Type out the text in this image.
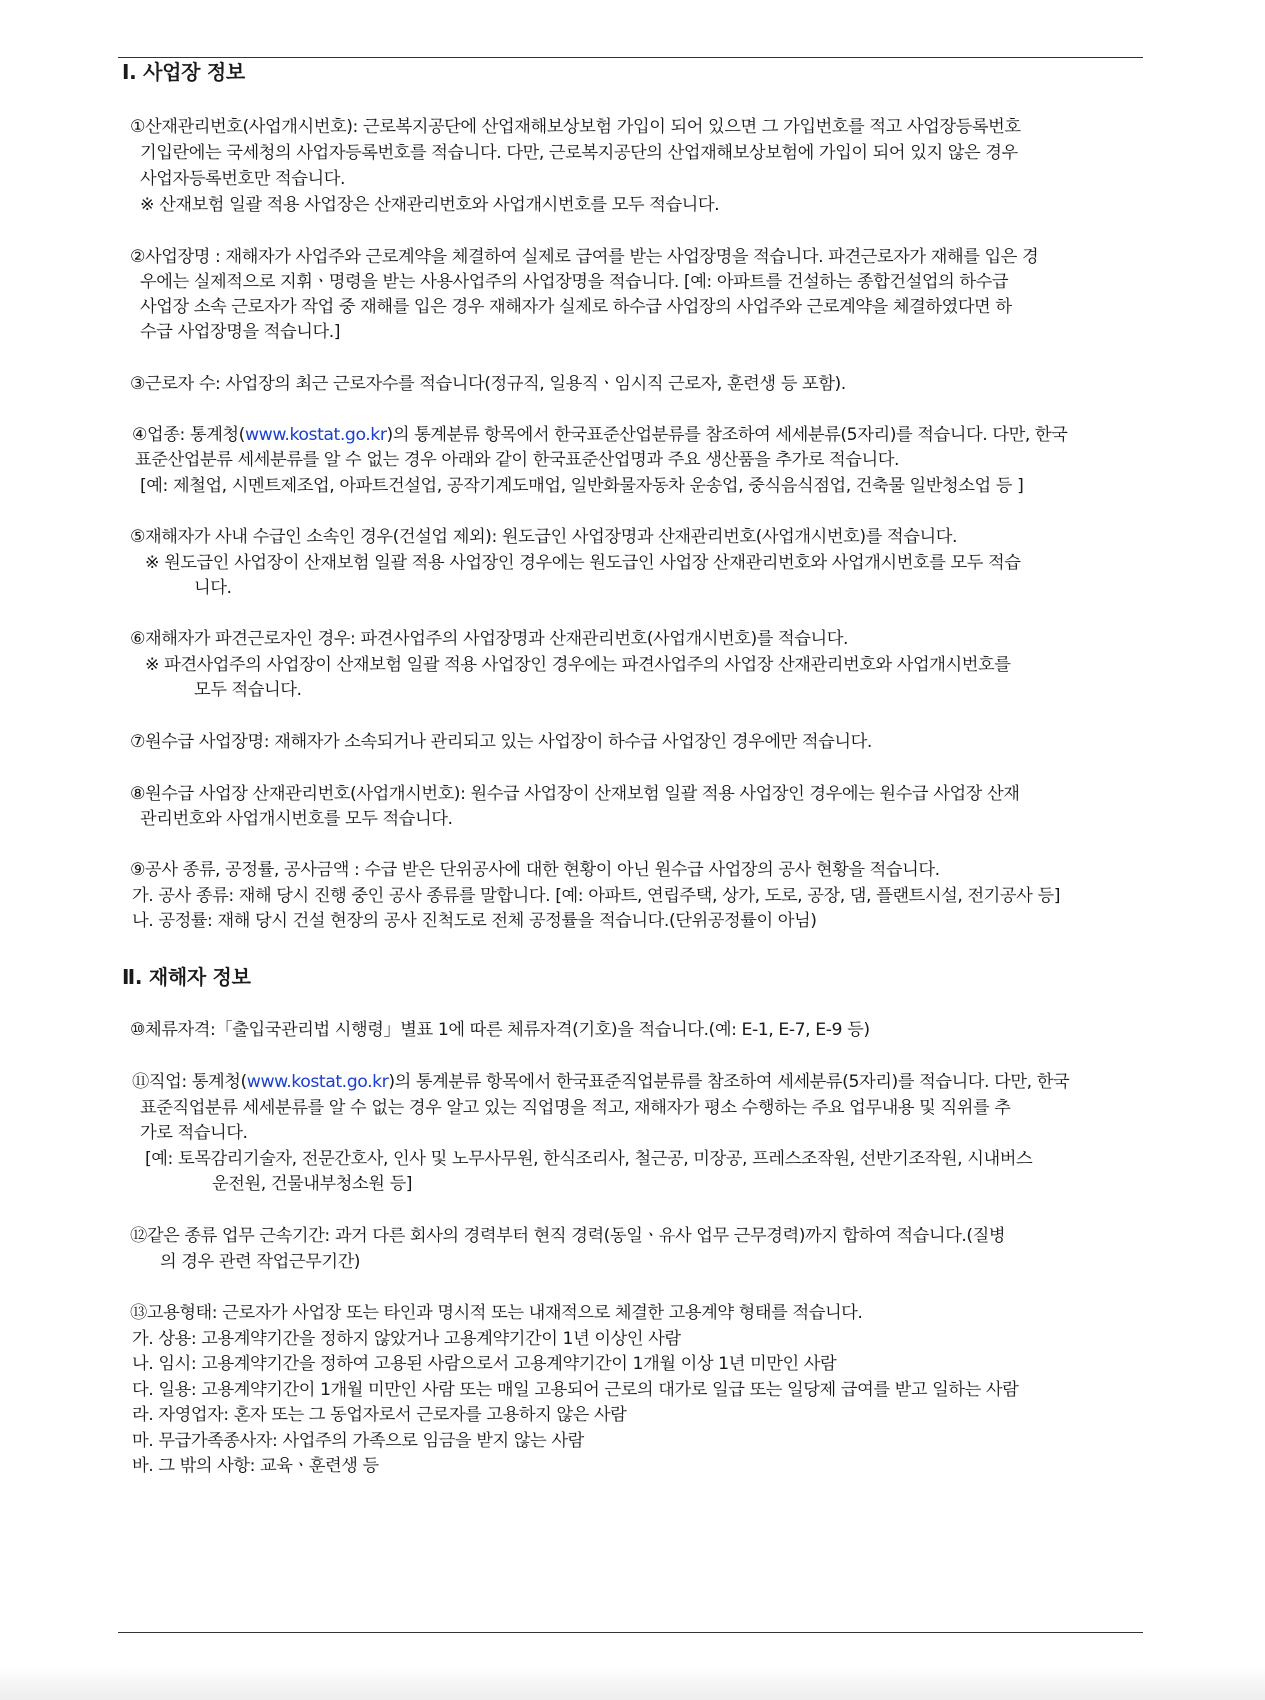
Ⅰ. 사업장 정보
①산재관리번호(사업개시번호): 근로복지공단에 산업재해보상보험 가입이 되어 있으면 그 가입번호를 적고 사업장등록번호
기입란에는 국세청의 사업자등록번호를 적습니다. 다만, 근로복지공단의 산업재해보상보험에 가입이 되어 있지 않은 경우
사업자등록번호만 적습니다.
※ 산재보험 일괄 적용 사업장은 산재관리번호와 사업개시번호를 모두 적습니다.
②사업장명 : 재해자가 사업주와 근로계약을 체결하여 실제로 급여를 받는 사업장명을 적습니다. 파견근로자가 재해를 입은 경
우에는 실제적으로 지휘ㆍ명령을 받는 사용사업주의 사업장명을 적습니다. [예: 아파트를 건설하는 종합건설업의 하수급
사업장 소속 근로자가 작업 중 재해를 입은 경우 재해자가 실제로 하수급 사업장의 사업주와 근로계약을 체결하였다면 하
수급 사업장명을 적습니다.]
③근로자 수: 사업장의 최근 근로자수를 적습니다(정규직, 일용직ㆍ임시직 근로자, 훈련생 등 포함).
④업종: 통계청(www.kostat.go.kr)의 통계분류 항목에서 한국표준산업분류를 참조하여 세세분류(5자리)를 적습니다. 다만, 한국
표준산업분류 세세분류를 알 수 없는 경우 아래와 같이 한국표준산업명과 주요 생산품을 추가로 적습니다.
[예: 제철업, 시멘트제조업, 아파트건설업, 공작기계도매업, 일반화물자동차 운송업, 중식음식점업, 건축물 일반청소업 등 ]
⑤재해자가 사내 수급인 소속인 경우(건설업 제외): 원도급인 사업장명과 산재관리번호(사업개시번호)를 적습니다.
※ 원도급인 사업장이 산재보험 일괄 적용 사업장인 경우에는 원도급인 사업장 산재관리번호와 사업개시번호를 모두 적습
니다.
⑥재해자가 파견근로자인 경우: 파견사업주의 사업장명과 산재관리번호(사업개시번호)를 적습니다.
※ 파견사업주의 사업장이 산재보험 일괄 적용 사업장인 경우에는 파견사업주의 사업장 산재관리번호와 사업개시번호를
모두 적습니다.
⑦원수급 사업장명: 재해자가 소속되거나 관리되고 있는 사업장이 하수급 사업장인 경우에만 적습니다.
⑧원수급 사업장 산재관리번호(사업개시번호): 원수급 사업장이 산재보험 일괄 적용 사업장인 경우에는 원수급 사업장 산재
관리번호와 사업개시번호를 모두 적습니다.
⑨공사 종류, 공정률, 공사금액 : 수급 받은 단위공사에 대한 현황이 아닌 원수급 사업장의 공사 현황을 적습니다.
가. 공사 종류: 재해 당시 진행 중인 공사 종류를 말합니다. [예: 아파트, 연립주택, 상가, 도로, 공장, 댐, 플랜트시설, 전기공사 등]
나. 공정률: 재해 당시 건설 현장의 공사 진척도로 전체 공정률을 적습니다.(단위공정률이 아님)
Ⅱ. 재해자 정보
⑩체류자격:「출입국관리법 시행령」별표 1에 따른 체류자격(기호)을 적습니다.(예: E-1, E-7, E-9 등)
⑪직업: 통계청(www.kostat.go.kr)의 통계분류 항목에서 한국표준직업분류를 참조하여 세세분류(5자리)를 적습니다. 다만, 한국
표준직업분류 세세분류를 알 수 없는 경우 알고 있는 직업명을 적고, 재해자가 평소 수행하는 주요 업무내용 및 직위를 추
가로 적습니다.
[예: 토목감리기술자, 전문간호사, 인사 및 노무사무원, 한식조리사, 철근공, 미장공, 프레스조작원, 선반기조작원, 시내버스
운전원, 건물내부청소원 등]
⑫같은 종류 업무 근속기간: 과거 다른 회사의 경력부터 현직 경력(동일ㆍ유사 업무 근무경력)까지 합하여 적습니다.(질병
의 경우 관련 작업근무기간)
⑬고용형태: 근로자가 사업장 또는 타인과 명시적 또는 내재적으로 체결한 고용계약 형태를 적습니다.
가. 상용: 고용계약기간을 정하지 않았거나 고용계약기간이 1년 이상인 사람
나. 임시: 고용계약기간을 정하여 고용된 사람으로서 고용계약기간이 1개월 이상 1년 미만인 사람
다. 일용: 고용계약기간이 1개월 미만인 사람 또는 매일 고용되어 근로의 대가로 일급 또는 일당제 급여를 받고 일하는 사람
라. 자영업자: 혼자 또는 그 동업자로서 근로자를 고용하지 않은 사람
마. 무급가족종사자: 사업주의 가족으로 임금을 받지 않는 사람
바. 그 밖의 사항: 교육ㆍ훈련생 등
